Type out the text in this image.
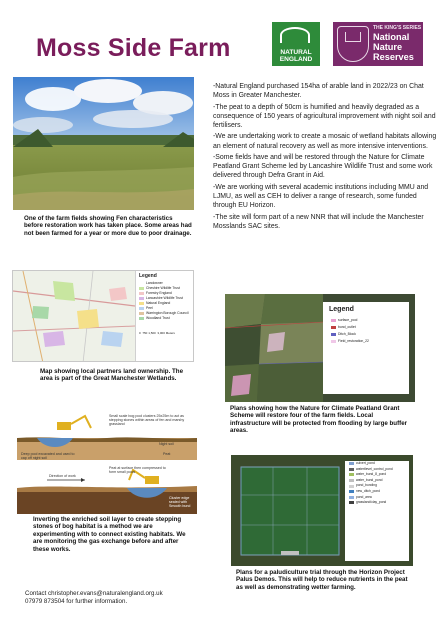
Moss Side Farm	NATURAL ENGLAND
THE KING'S SERIES
National Nature Reserves
One of the farm fields showing Fen characteristics before restoration work has taken place. Some areas had not been farmed for a year or more due to poor drainage.

-Natural England purchased 154ha of arable land in 2022/23 on Chat Moss in Greater Manchester.

-The peat to a depth of 50cm is humified and heavily degraded as a consequence of 150 years of agricultural improvement with night soil and fertilisers.

-We are undertaking work to create a mosaic of wetland habitats allowing an element of natural recovery as well as more intensive interventions.

-Some fields have and will be restored through the Nature for Climate Peatland Grant Scheme led by Lancashire Wildlife Trust and some work delivered through Defra Grant in Aid.

-We are working with several academic institutions including MMU and LJMU, as well as CEH to deliver a range of research, some funded through EU Horizon.

-The site will form part of a new NNR that will include the Manchester Mosslands SAC sites.

Legend
Landowner
Cheshire Wildlife Trust
Forestry England
Lancashire Wildlife Trust
Natural England
Peel
Warrington Borough Council
Woodland Trust
0
750
1,500
3,000 Meters
Map showing local partners land ownership. The area is part of the Great Manchester Wetlands.
Legend
surface_pool
bund_outlet
Ditch_Block
Field_restoration_22
Plans showing how the Nature for Climate Peatland Grant Scheme will restore four of the farm fields. Local infrastructure will be protected from flooding by large buffer areas.
Small scale bog pool clusters 25x25m to act as stepping stones within areas of fen and marshy grassland
Night soil
Peat
Deep pool excavated and used to cap off night soil
Direction of work
Peat at surface then compressed to form small pools
Cluster edge sealed with Smooth bund
Inverting the enriched soil layer to create stepping stones of bog habitat is a method we are experimenting with to connect existing habitats. We are monitoring the gas exchange before and after these works.
culvert_pond
watertlevel_control_pond
water_bund_8_pond
water_bund_pond
pond_bunding
new_ditch_pond
pond_area
grassland/clay_pond
Plans for a paludiculture trial through the Horizon Project Palus Demos. This will help to reduce nutrients in the peat as well as demonstrating wetter farming.
Contact christopher.evans@naturalengland.org.uk
07979 873504 for further information.
